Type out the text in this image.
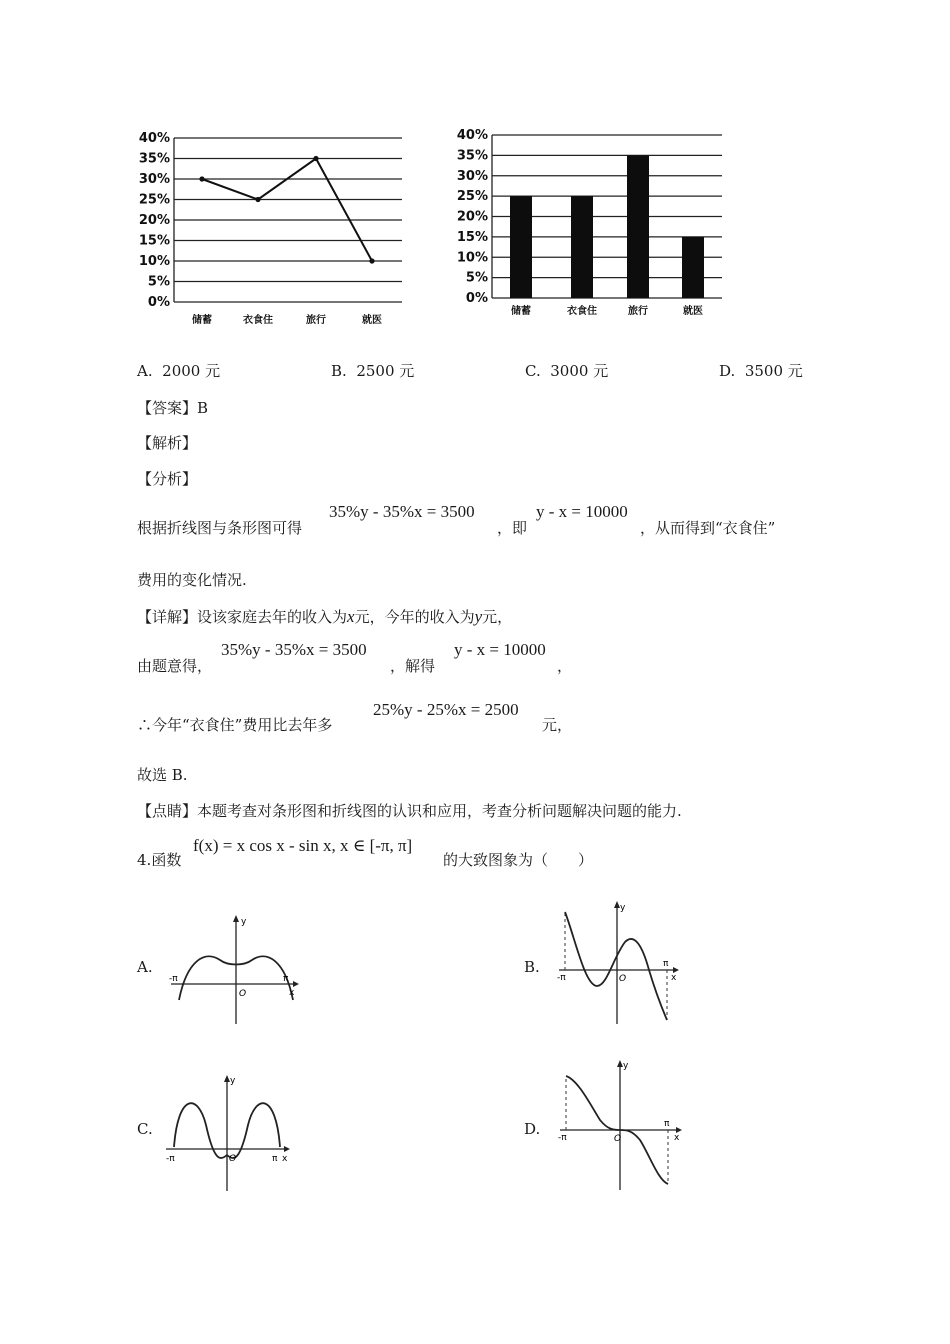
40%
35%
30%
25%
20%
15%
10%
5%
0%
储蓄	衣食住	旅行	就医
40%
35%
30%
25%
20%
15%
10%
5%
0%
储蓄	衣食住	旅行	就医
A. 2000 元	B. 2500 元	C. 3000 元	D. 3500 元
【答案】B
【解析】
【分析】
根据折线图与条形图可得
35%y - 35%x = 3500
，即
y - x = 10000
，从而得到“衣食住”
费用的变化情况.
【详解】设该家庭去年的收入为x元，今年的收入为y元，
由题意得，
35%y - 35%x = 3500
，解得
y - x = 10000
，
∴今年“衣食住”费用比去年多
25%y - 25%x = 2500
元，
故选 B.
【点睛】本题考查对条形图和折线图的认识和应用，考查分析问题解决问题的能力.
4.函数
f(x) = x cos x - sin x, x ∈ [-π, π]
的大致图象为（　　）
A.	B.
C.	D.
y
x
O
-π	π
y
x
O
-π
π
y
x
O
-π	π
y
x
O
-π
π
